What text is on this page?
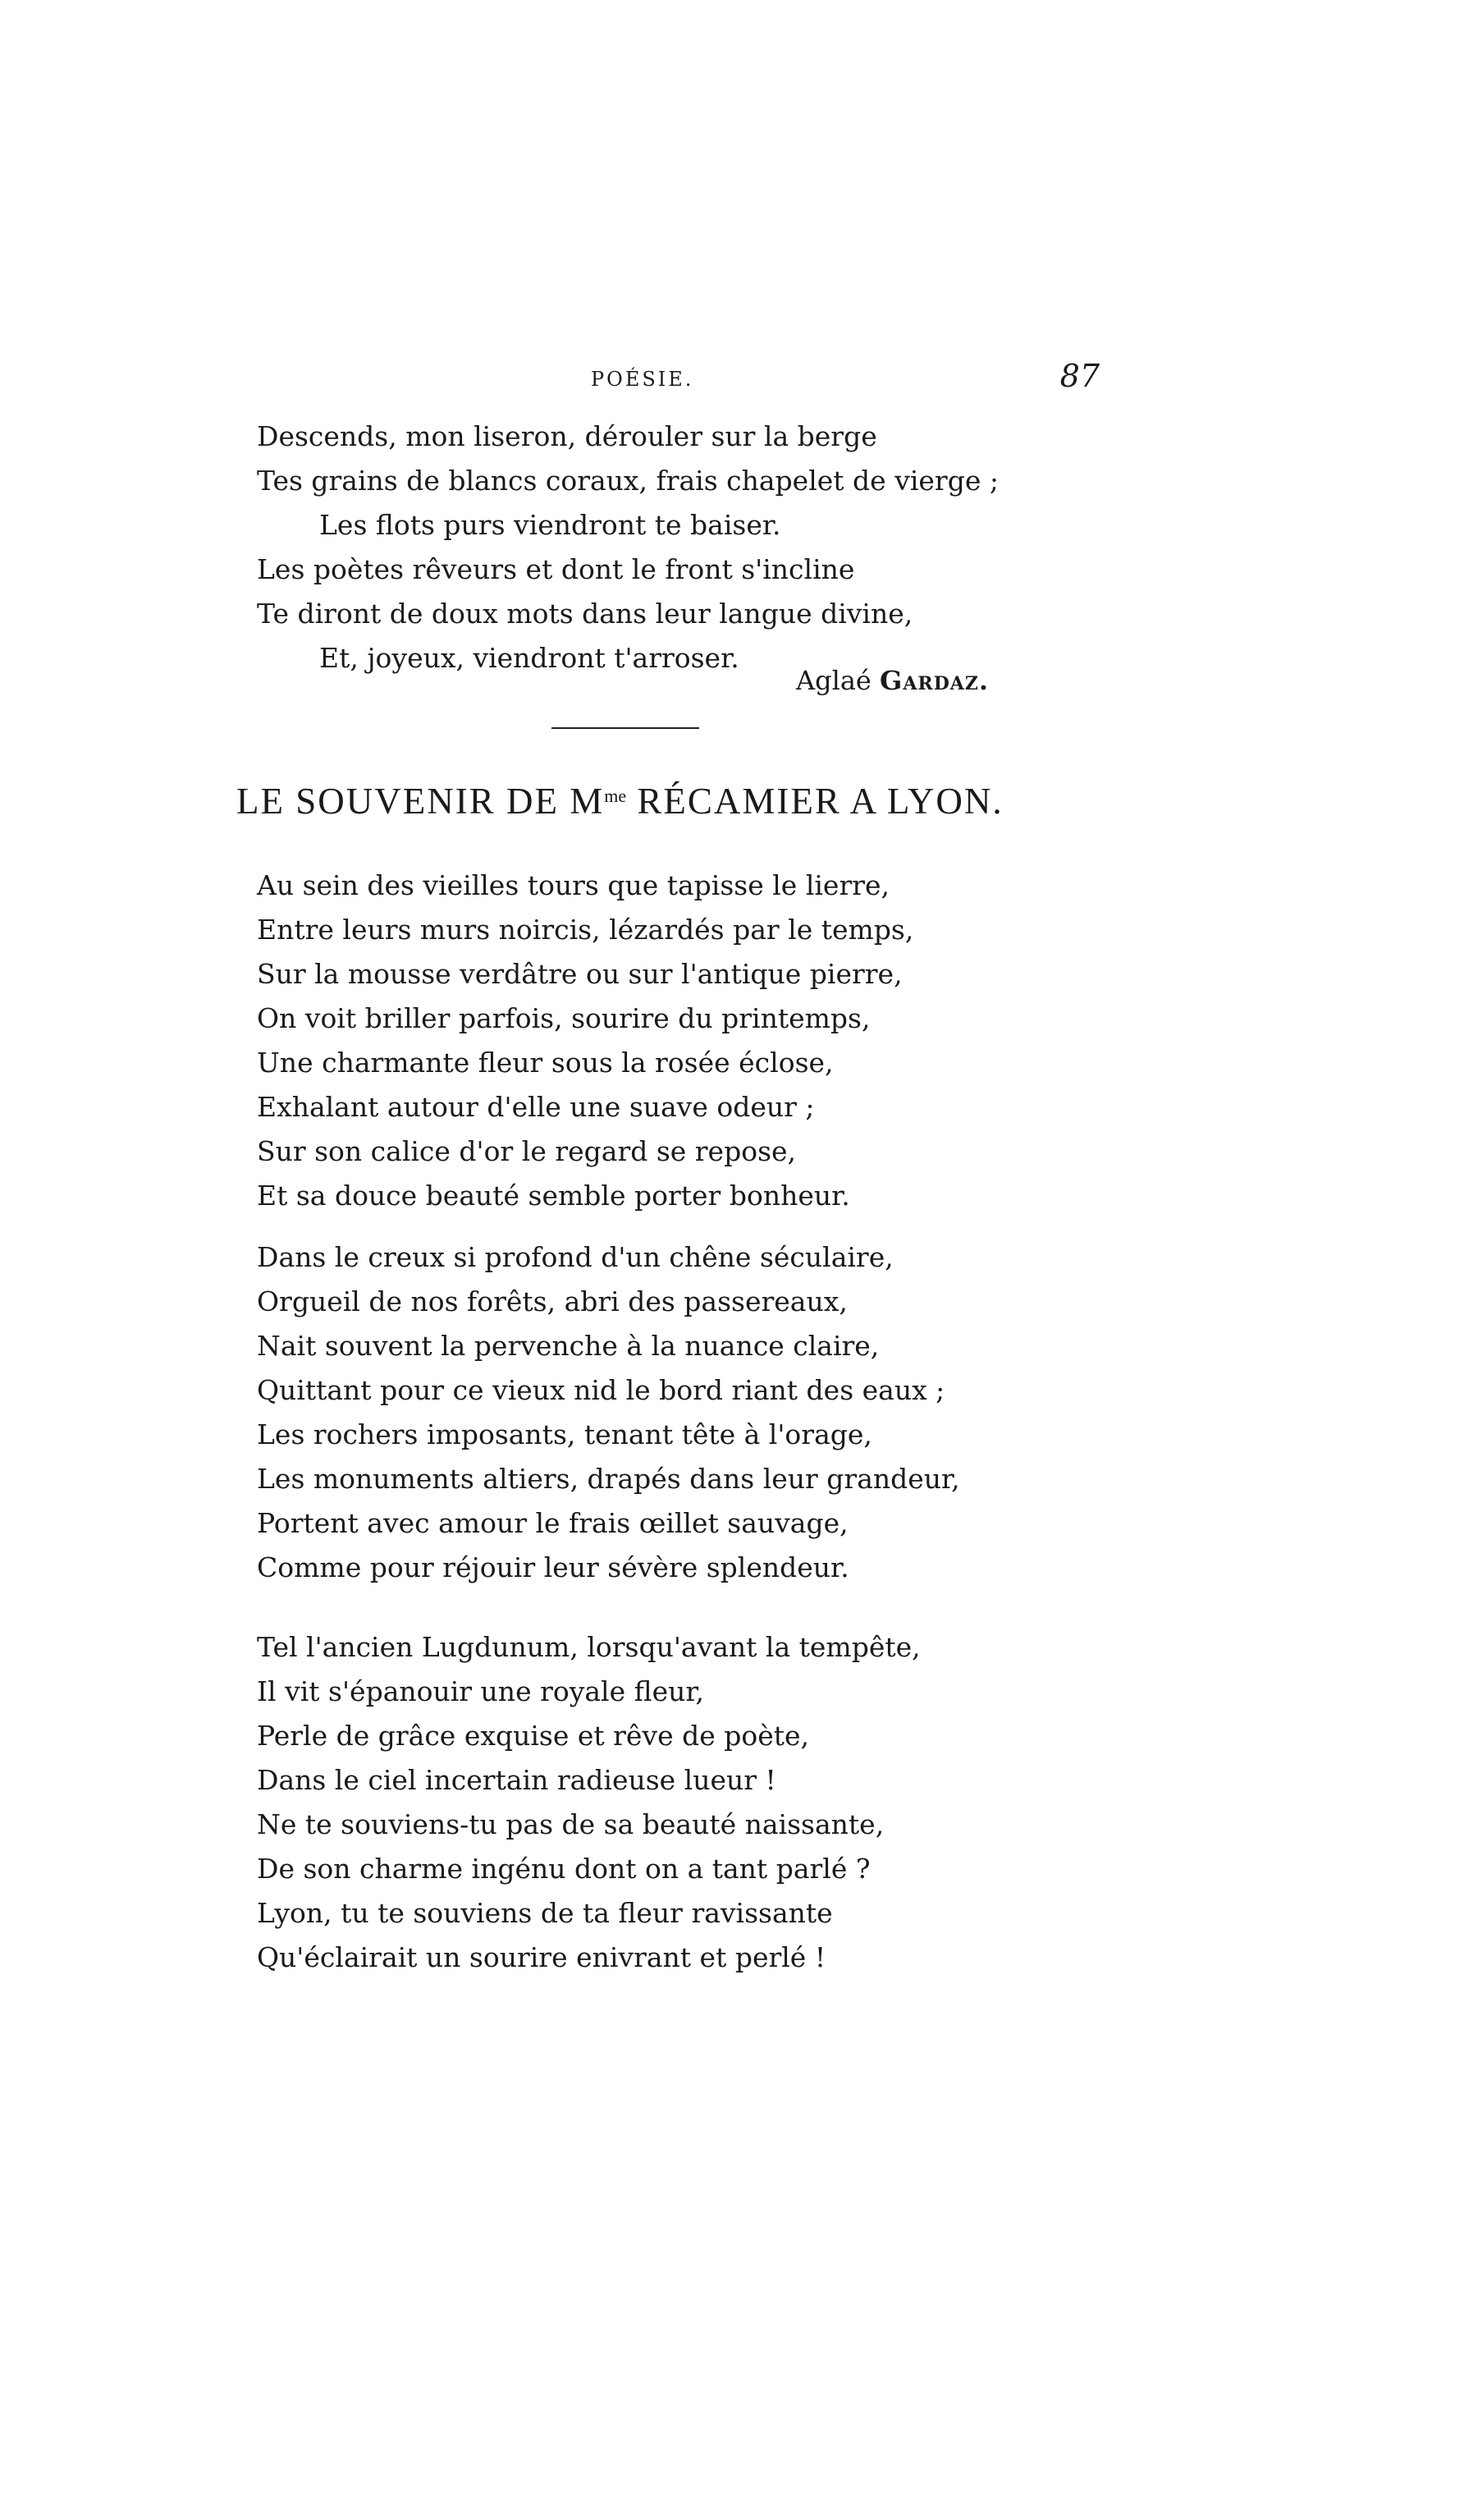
POÉSIE.	87
Descends, mon liseron, dérouler sur la berge
Tes grains de blancs coraux, frais chapelet de vierge ;
Les flots purs viendront te baiser.
Les poètes rêveurs et dont le front s'incline
Te diront de doux mots dans leur langue divine,
Et, joyeux, viendront t'arroser.
Aglaé Gardaz.
LE SOUVENIR DE $M^{me}$ RÉCAMIER A LYON.
Au sein des vieilles tours que tapisse le lierre,
Entre leurs murs noircis, lézardés par le temps,
Sur la mousse verdâtre ou sur l'antique pierre,
On voit briller parfois, sourire du printemps,
Une charmante fleur sous la rosée éclose,
Exhalant autour d'elle une suave odeur ;
Sur son calice d'or le regard se repose,
Et sa douce beauté semble porter bonheur.
Dans le creux si profond d'un chêne séculaire,
Orgueil de nos forêts, abri des passereaux,
Nait souvent la pervenche à la nuance claire,
Quittant pour ce vieux nid le bord riant des eaux ;
Les rochers imposants, tenant tête à l'orage,
Les monuments altiers, drapés dans leur grandeur,
Portent avec amour le frais œillet sauvage,
Comme pour réjouir leur sévère splendeur.
Tel l'ancien Lugdunum, lorsqu'avant la tempête,
Il vit s'épanouir une royale fleur,
Perle de grâce exquise et rêve de poète,
Dans le ciel incertain radieuse lueur !
Ne te souviens-tu pas de sa beauté naissante,
De son charme ingénu dont on a tant parlé ?
Lyon, tu te souviens de ta fleur ravissante
Qu'éclairait un sourire enivrant et perlé !
